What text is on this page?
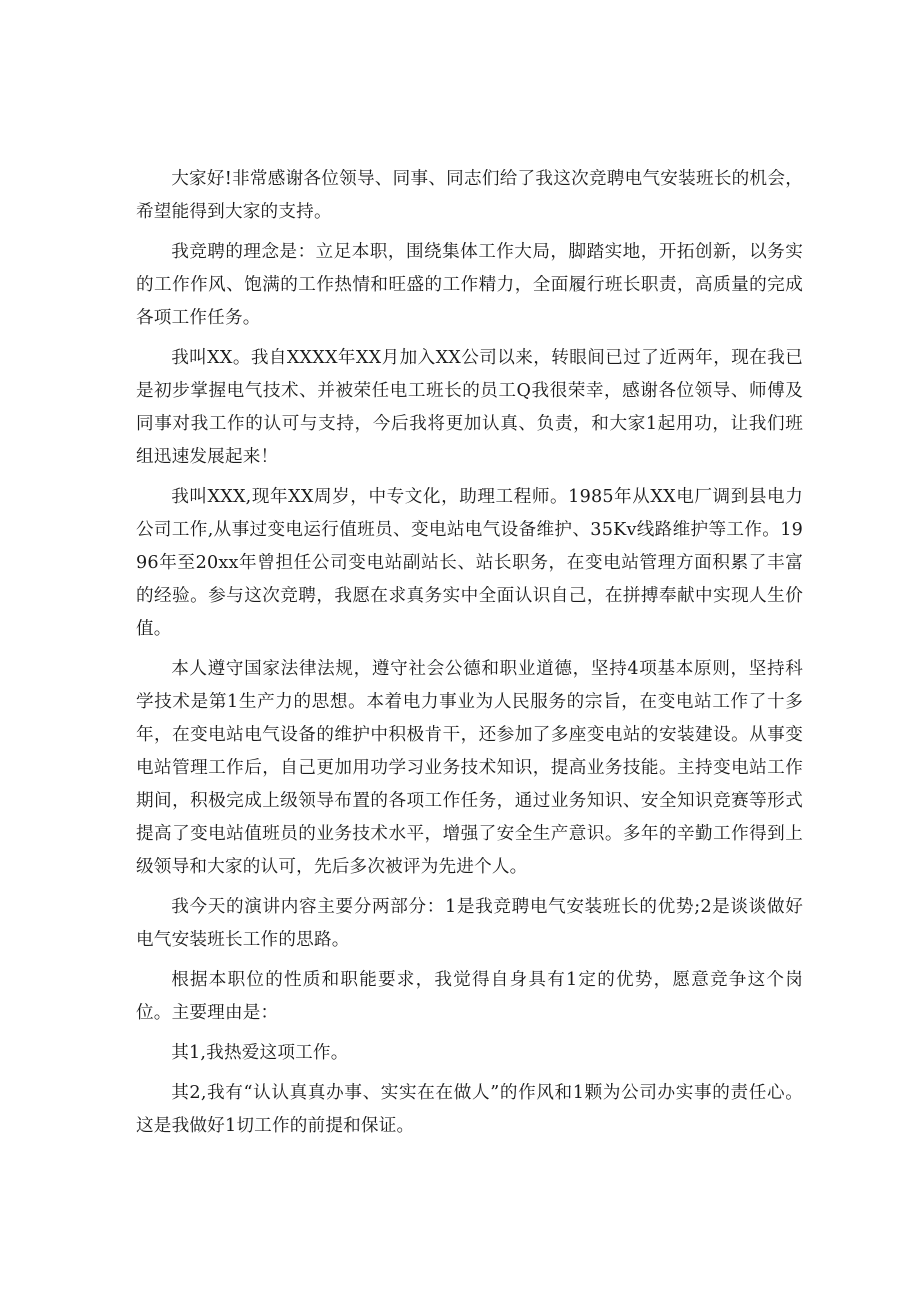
大家好!非常感谢各位领导、同事、同志们给了我这次竞聘电气安装班长的机会，希望能得到大家的支持。

我竞聘的理念是：立足本职，围绕集体工作大局，脚踏实地，开拓创新，以务实的工作作风、饱满的工作热情和旺盛的工作精力，全面履行班长职责，高质量的完成各项工作任务。

我叫XX。我自XXXX年XX月加入XX公司以来，转眼间已过了近两年，现在我已是初步掌握电气技术、并被荣任电工班长的员工Q我很荣幸，感谢各位领导、师傅及同事对我工作的认可与支持，今后我将更加认真、负责，和大家1起用功，让我们班组迅速发展起来！

我叫XXX,现年XX周岁，中专文化，助理工程师。1985年从XX电厂调到县电力公司工作,从事过变电运行值班员、变电站电气设备维护、35Kv线路维护等工作。1996年至20xx年曾担任公司变电站副站长、站长职务，在变电站管理方面积累了丰富的经验。参与这次竞聘，我愿在求真务实中全面认识自己，在拼搏奉献中实现人生价值。

本人遵守国家法律法规，遵守社会公德和职业道德，坚持4项基本原则，坚持科学技术是第1生产力的思想。本着电力事业为人民服务的宗旨，在变电站工作了十多年，在变电站电气设备的维护中积极肯干，还参加了多座变电站的安装建设。从事变电站管理工作后，自己更加用功学习业务技术知识，提高业务技能。主持变电站工作期间，积极完成上级领导布置的各项工作任务，通过业务知识、安全知识竞赛等形式提高了变电站值班员的业务技术水平，增强了安全生产意识。多年的辛勤工作得到上级领导和大家的认可，先后多次被评为先进个人。

我今天的演讲内容主要分两部分：1是我竞聘电气安装班长的优势;2是谈谈做好电气安装班长工作的思路。

根据本职位的性质和职能要求，我觉得自身具有1定的优势，愿意竞争这个岗位。主要理由是：

其1,我热爱这项工作。

其2,我有“认认真真办事、实实在在做人”的作风和1颗为公司办实事的责任心。这是我做好1切工作的前提和保证。
